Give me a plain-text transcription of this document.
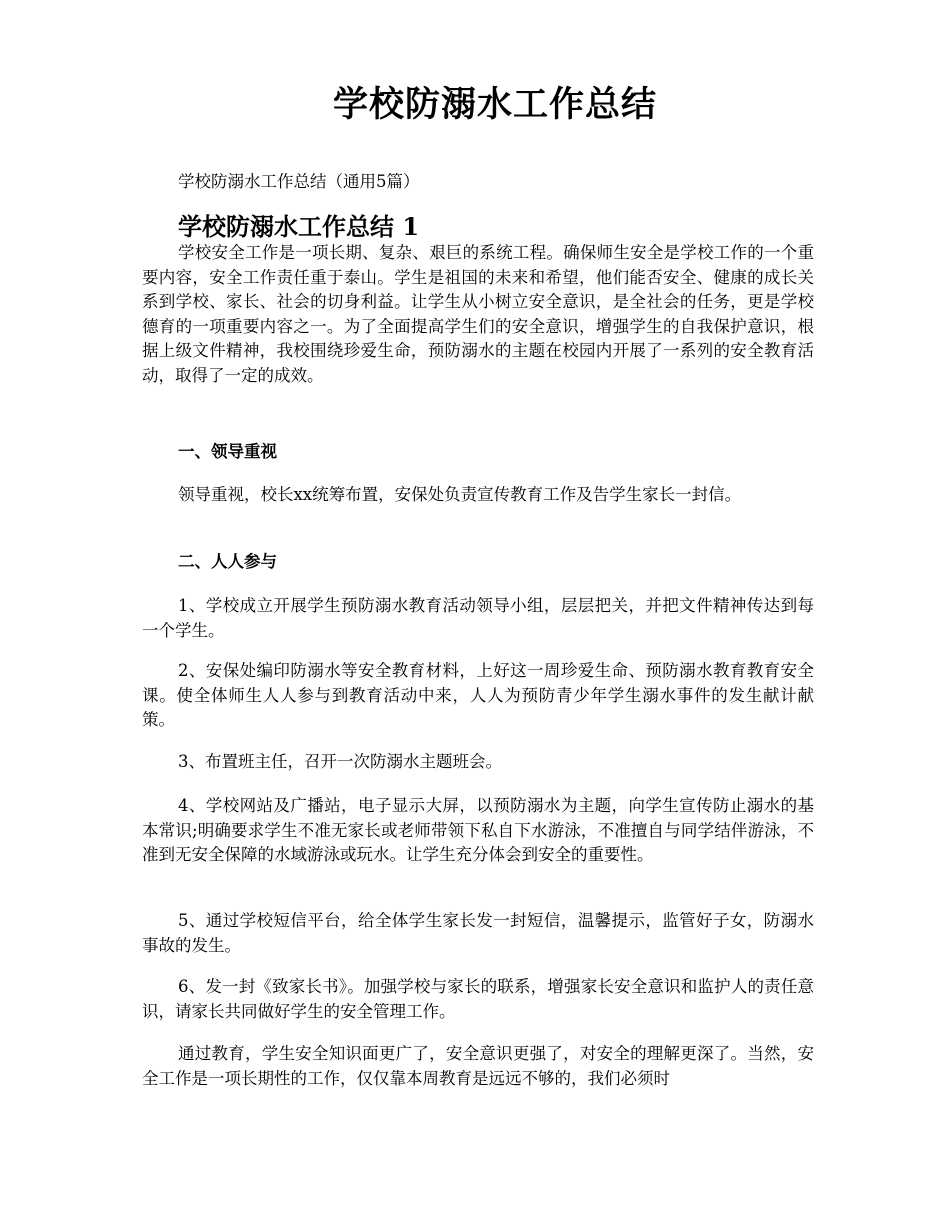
学校防溺水工作总结

学校防溺水工作总结（通用5篇）

学校防溺水工作总结 1

学校安全工作是一项长期、复杂、艰巨的系统工程。确保师生安全是学校工作的一个重要内容，安全工作责任重于泰山。学生是祖国的未来和希望，他们能否安全、健康的成长关系到学校、家长、社会的切身利益。让学生从小树立安全意识，是全社会的任务，更是学校德育的一项重要内容之一。为了全面提高学生们的安全意识，增强学生的自我保护意识，根据上级文件精神，我校围绕珍爱生命，预防溺水的主题在校园内开展了一系列的安全教育活动，取得了一定的成效。

一、领导重视

领导重视，校长xx统筹布置，安保处负责宣传教育工作及告学生家长一封信。

二、人人参与

1、学校成立开展学生预防溺水教育活动领导小组，层层把关，并把文件精神传达到每一个学生。

2、安保处编印防溺水等安全教育材料，上好这一周珍爱生命、预防溺水教育教育安全课。使全体师生人人参与到教育活动中来，人人为预防青少年学生溺水事件的发生献计献策。

3、布置班主任，召开一次防溺水主题班会。

4、学校网站及广播站，电子显示大屏，以预防溺水为主题，向学生宣传防止溺水的基本常识;明确要求学生不准无家长或老师带领下私自下水游泳，不准擅自与同学结伴游泳，不准到无安全保障的水域游泳或玩水。让学生充分体会到安全的重要性。

5、通过学校短信平台，给全体学生家长发一封短信，温馨提示，监管好子女，防溺水事故的发生。

6、发一封《致家长书》。加强学校与家长的联系，增强家长安全意识和监护人的责任意识，请家长共同做好学生的安全管理工作。

通过教育，学生安全知识面更广了，安全意识更强了，对安全的理解更深了。当然，安全工作是一项长期性的工作，仅仅靠本周教育是远远不够的，我们必须时
